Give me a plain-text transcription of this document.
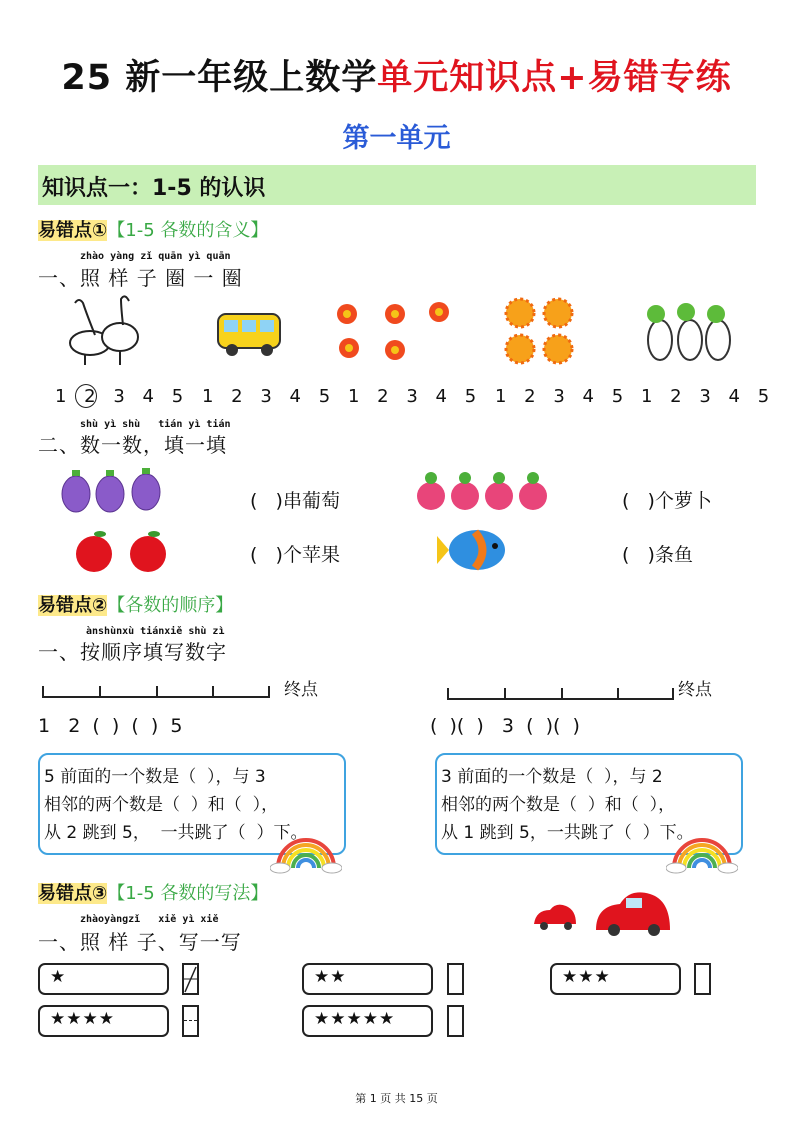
25 新一年级上数学单元知识点+易错专练
第一单元
知识点一：1-5 的认识
易错点①【1-5 各数的含义】
zhào yàng zǐ quān yì quān
一、照 样 子 圈 一 圈
1 2 3 4 5 1 2 3 4 5 1 2 3 4 5 1 2 3 4 5 1 2 3 4 5
shù yì shù   tián yì tián
二、数一数，填一填
(   )串葡萄	(   )个萝卜
(   )个苹果	(   )条鱼
易错点②【各数的顺序】
ànshùnxù tiánxiě shù zì
一、按顺序填写数字
终点	终点
1   2  (  )  (  )  5	(  )(  )   3  (  )(  )
5 前面的一个数是（  ），与 3
相邻的两个数是（  ）和（  ），
从 2 跳到 5，  一共跳了（  ）下。
3 前面的一个数是（  ），与 2
相邻的两个数是（  ）和（  ），
从 1 跳到 5，一共跳了（  ）下。
易错点③【1-5 各数的写法】
zhàoyàngzǐ   xiě yì xiě
一、照 样 子、写一写
★	★★	★★★
★★★★	★★★★★
第 1 页 共 15 页
